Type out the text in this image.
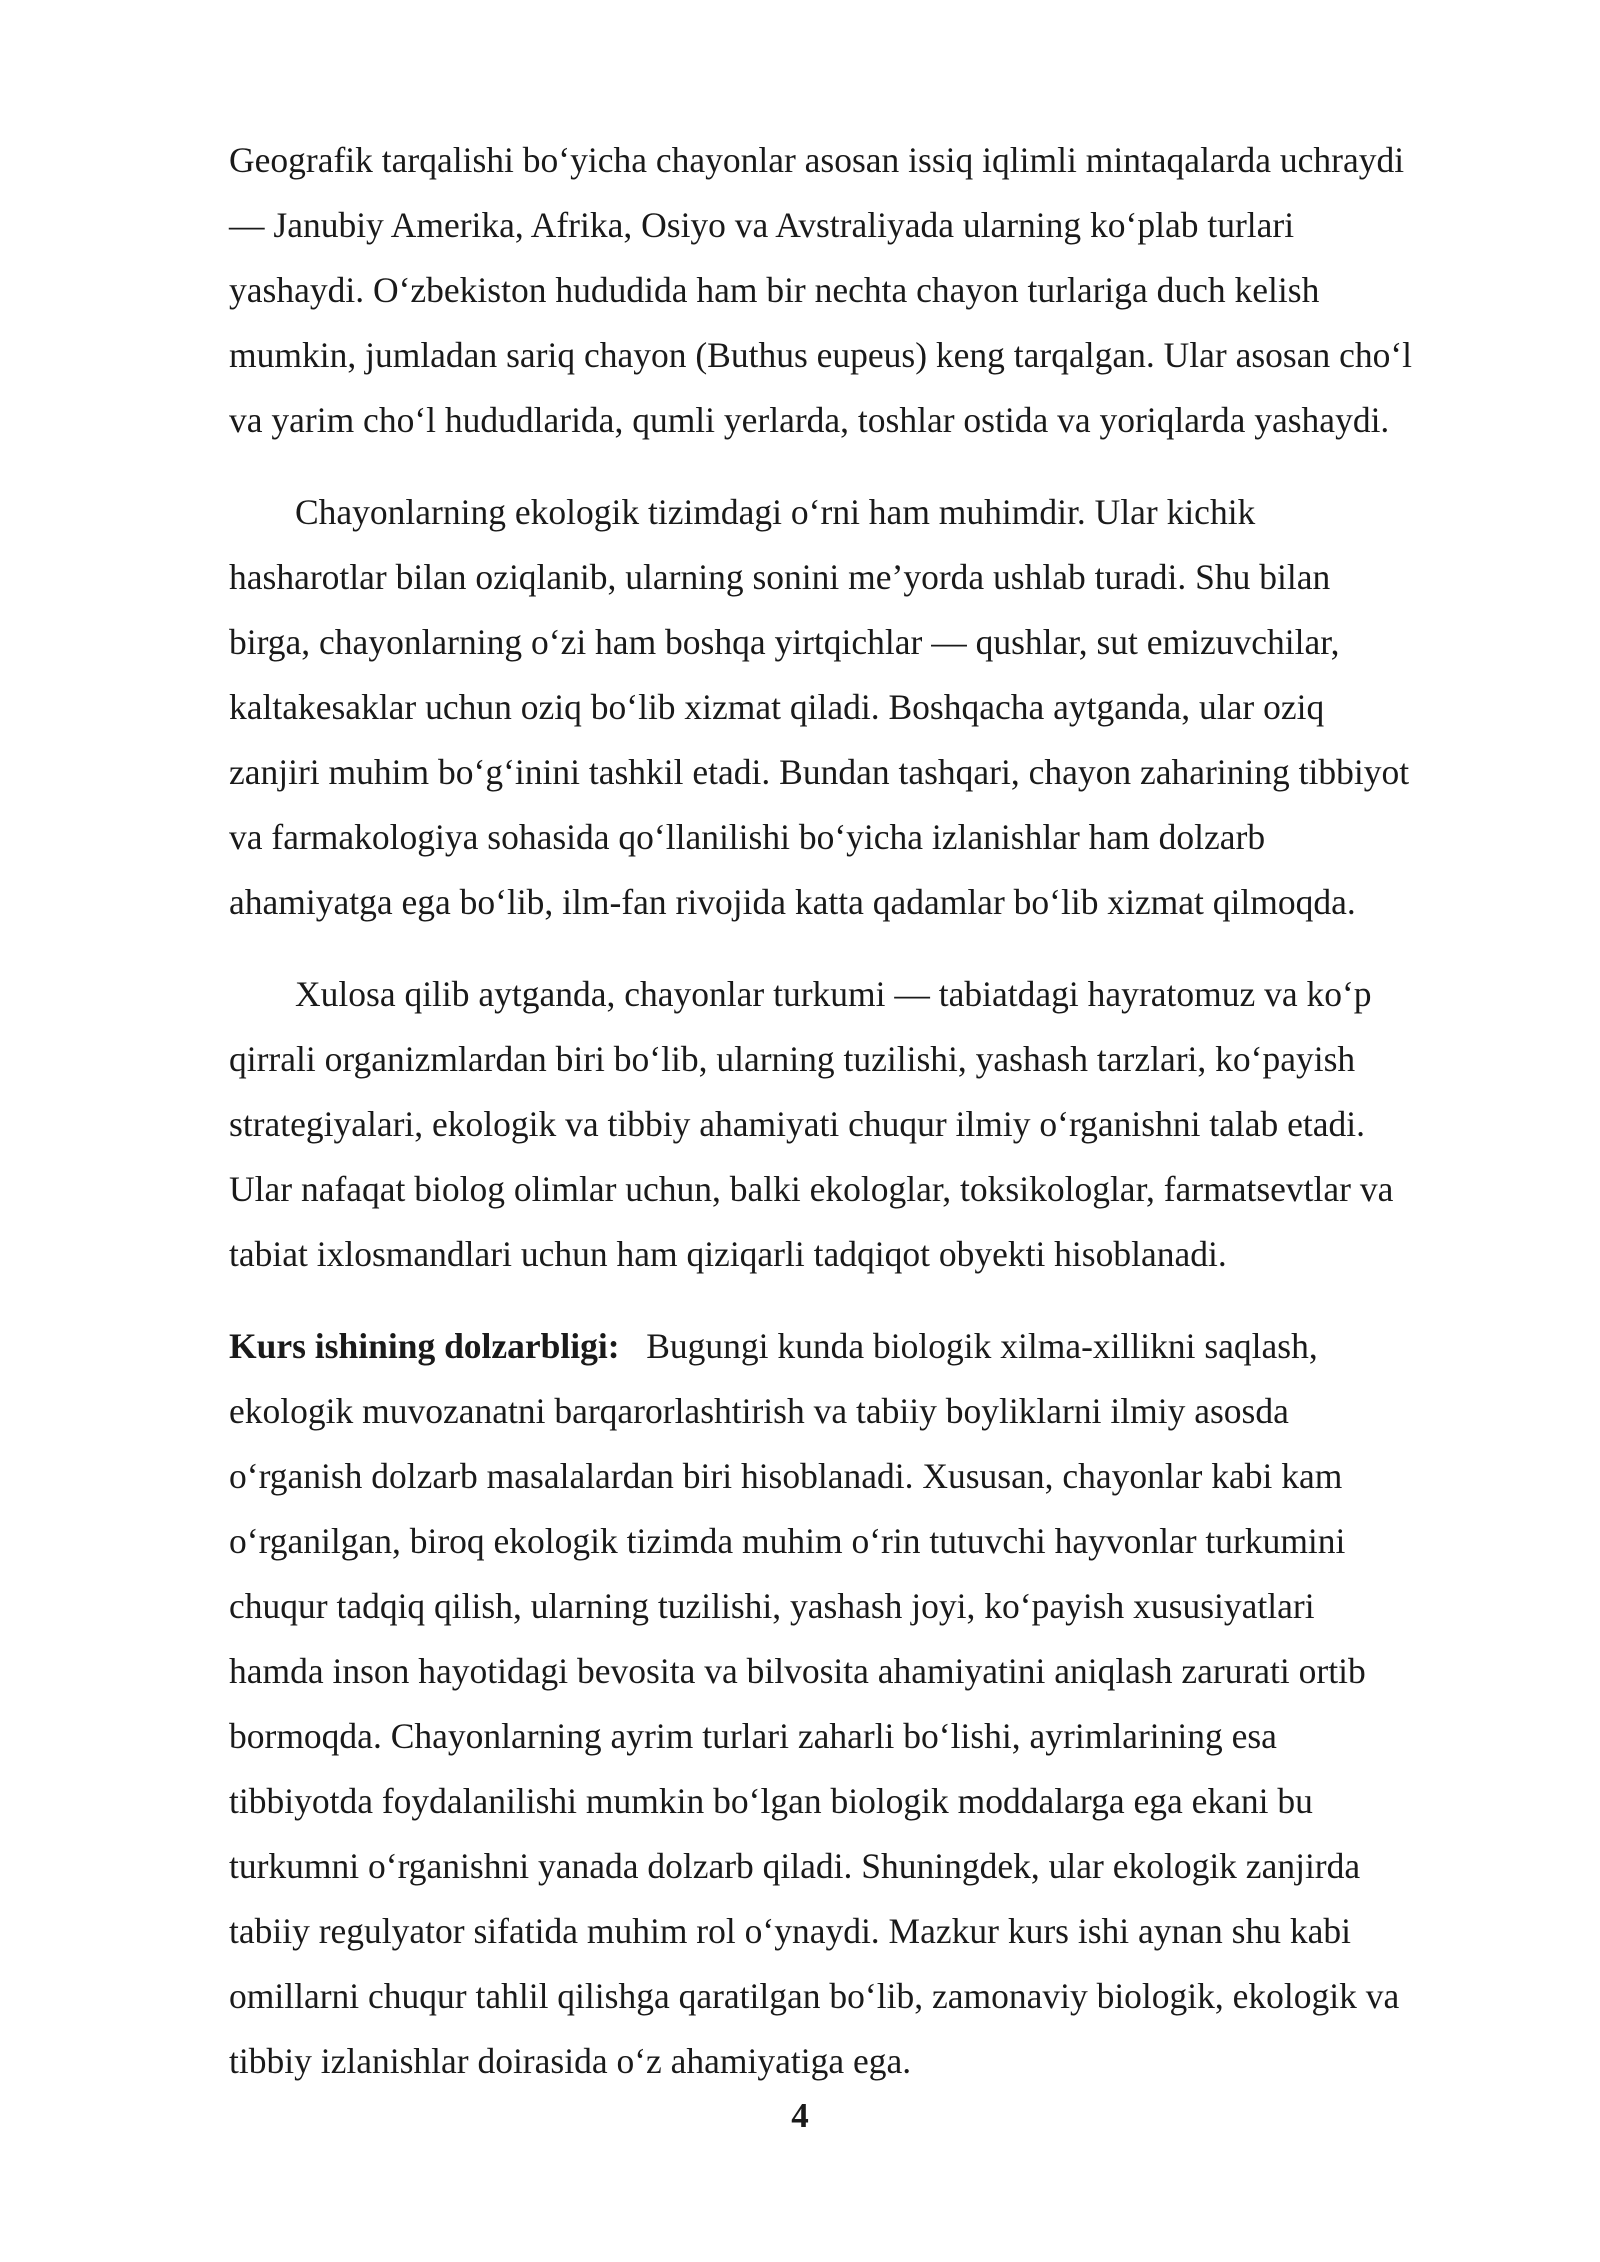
Geografik tarqalishi bo‘yicha chayonlar asosan issiq iqlimli mintaqalarda uchraydi
— Janubiy Amerika, Afrika, Osiyo va Avstraliyada ularning ko‘plab turlari
yashaydi. O‘zbekiston hududida ham bir nechta chayon turlariga duch kelish
mumkin, jumladan sariq chayon (Buthus eupeus) keng tarqalgan. Ular asosan cho‘l
va yarim cho‘l hududlarida, qumli yerlarda, toshlar ostida va yoriqlarda yashaydi.

Chayonlarning ekologik tizimdagi o‘rni ham muhimdir. Ular kichik
hasharotlar bilan oziqlanib, ularning sonini me’yorda ushlab turadi. Shu bilan
birga, chayonlarning o‘zi ham boshqa yirtqichlar — qushlar, sut emizuvchilar,
kaltakesaklar uchun oziq bo‘lib xizmat qiladi. Boshqacha aytganda, ular oziq
zanjiri muhim bo‘g‘inini tashkil etadi. Bundan tashqari, chayon zaharining tibbiyot
va farmakologiya sohasida qo‘llanilishi bo‘yicha izlanishlar ham dolzarb
ahamiyatga ega bo‘lib, ilm-fan rivojida katta qadamlar bo‘lib xizmat qilmoqda.

Xulosa qilib aytganda, chayonlar turkumi — tabiatdagi hayratomuz va ko‘p
qirrali organizmlardan biri bo‘lib, ularning tuzilishi, yashash tarzlari, ko‘payish
strategiyalari, ekologik va tibbiy ahamiyati chuqur ilmiy o‘rganishni talab etadi.
Ular nafaqat biolog olimlar uchun, balki ekologlar, toksikologlar, farmatsevtlar va
tabiat ixlosmandlari uchun ham qiziqarli tadqiqot obyekti hisoblanadi.

Kurs ishining dolzarbligi: Bugungi kunda biologik xilma-xillikni saqlash,
ekologik muvozanatni barqarorlashtirish va tabiiy boyliklarni ilmiy asosda
o‘rganish dolzarb masalalardan biri hisoblanadi. Xususan, chayonlar kabi kam
o‘rganilgan, biroq ekologik tizimda muhim o‘rin tutuvchi hayvonlar turkumini
chuqur tadqiq qilish, ularning tuzilishi, yashash joyi, ko‘payish xususiyatlari
hamda inson hayotidagi bevosita va bilvosita ahamiyatini aniqlash zarurati ortib
bormoqda. Chayonlarning ayrim turlari zaharli bo‘lishi, ayrimlarining esa
tibbiyotda foydalanilishi mumkin bo‘lgan biologik moddalarga ega ekani bu
turkumni o‘rganishni yanada dolzarb qiladi. Shuningdek, ular ekologik zanjirda
tabiiy regulyator sifatida muhim rol o‘ynaydi. Mazkur kurs ishi aynan shu kabi
omillarni chuqur tahlil qilishga qaratilgan bo‘lib, zamonaviy biologik, ekologik va
tibbiy izlanishlar doirasida o‘z ahamiyatiga ega.

4
